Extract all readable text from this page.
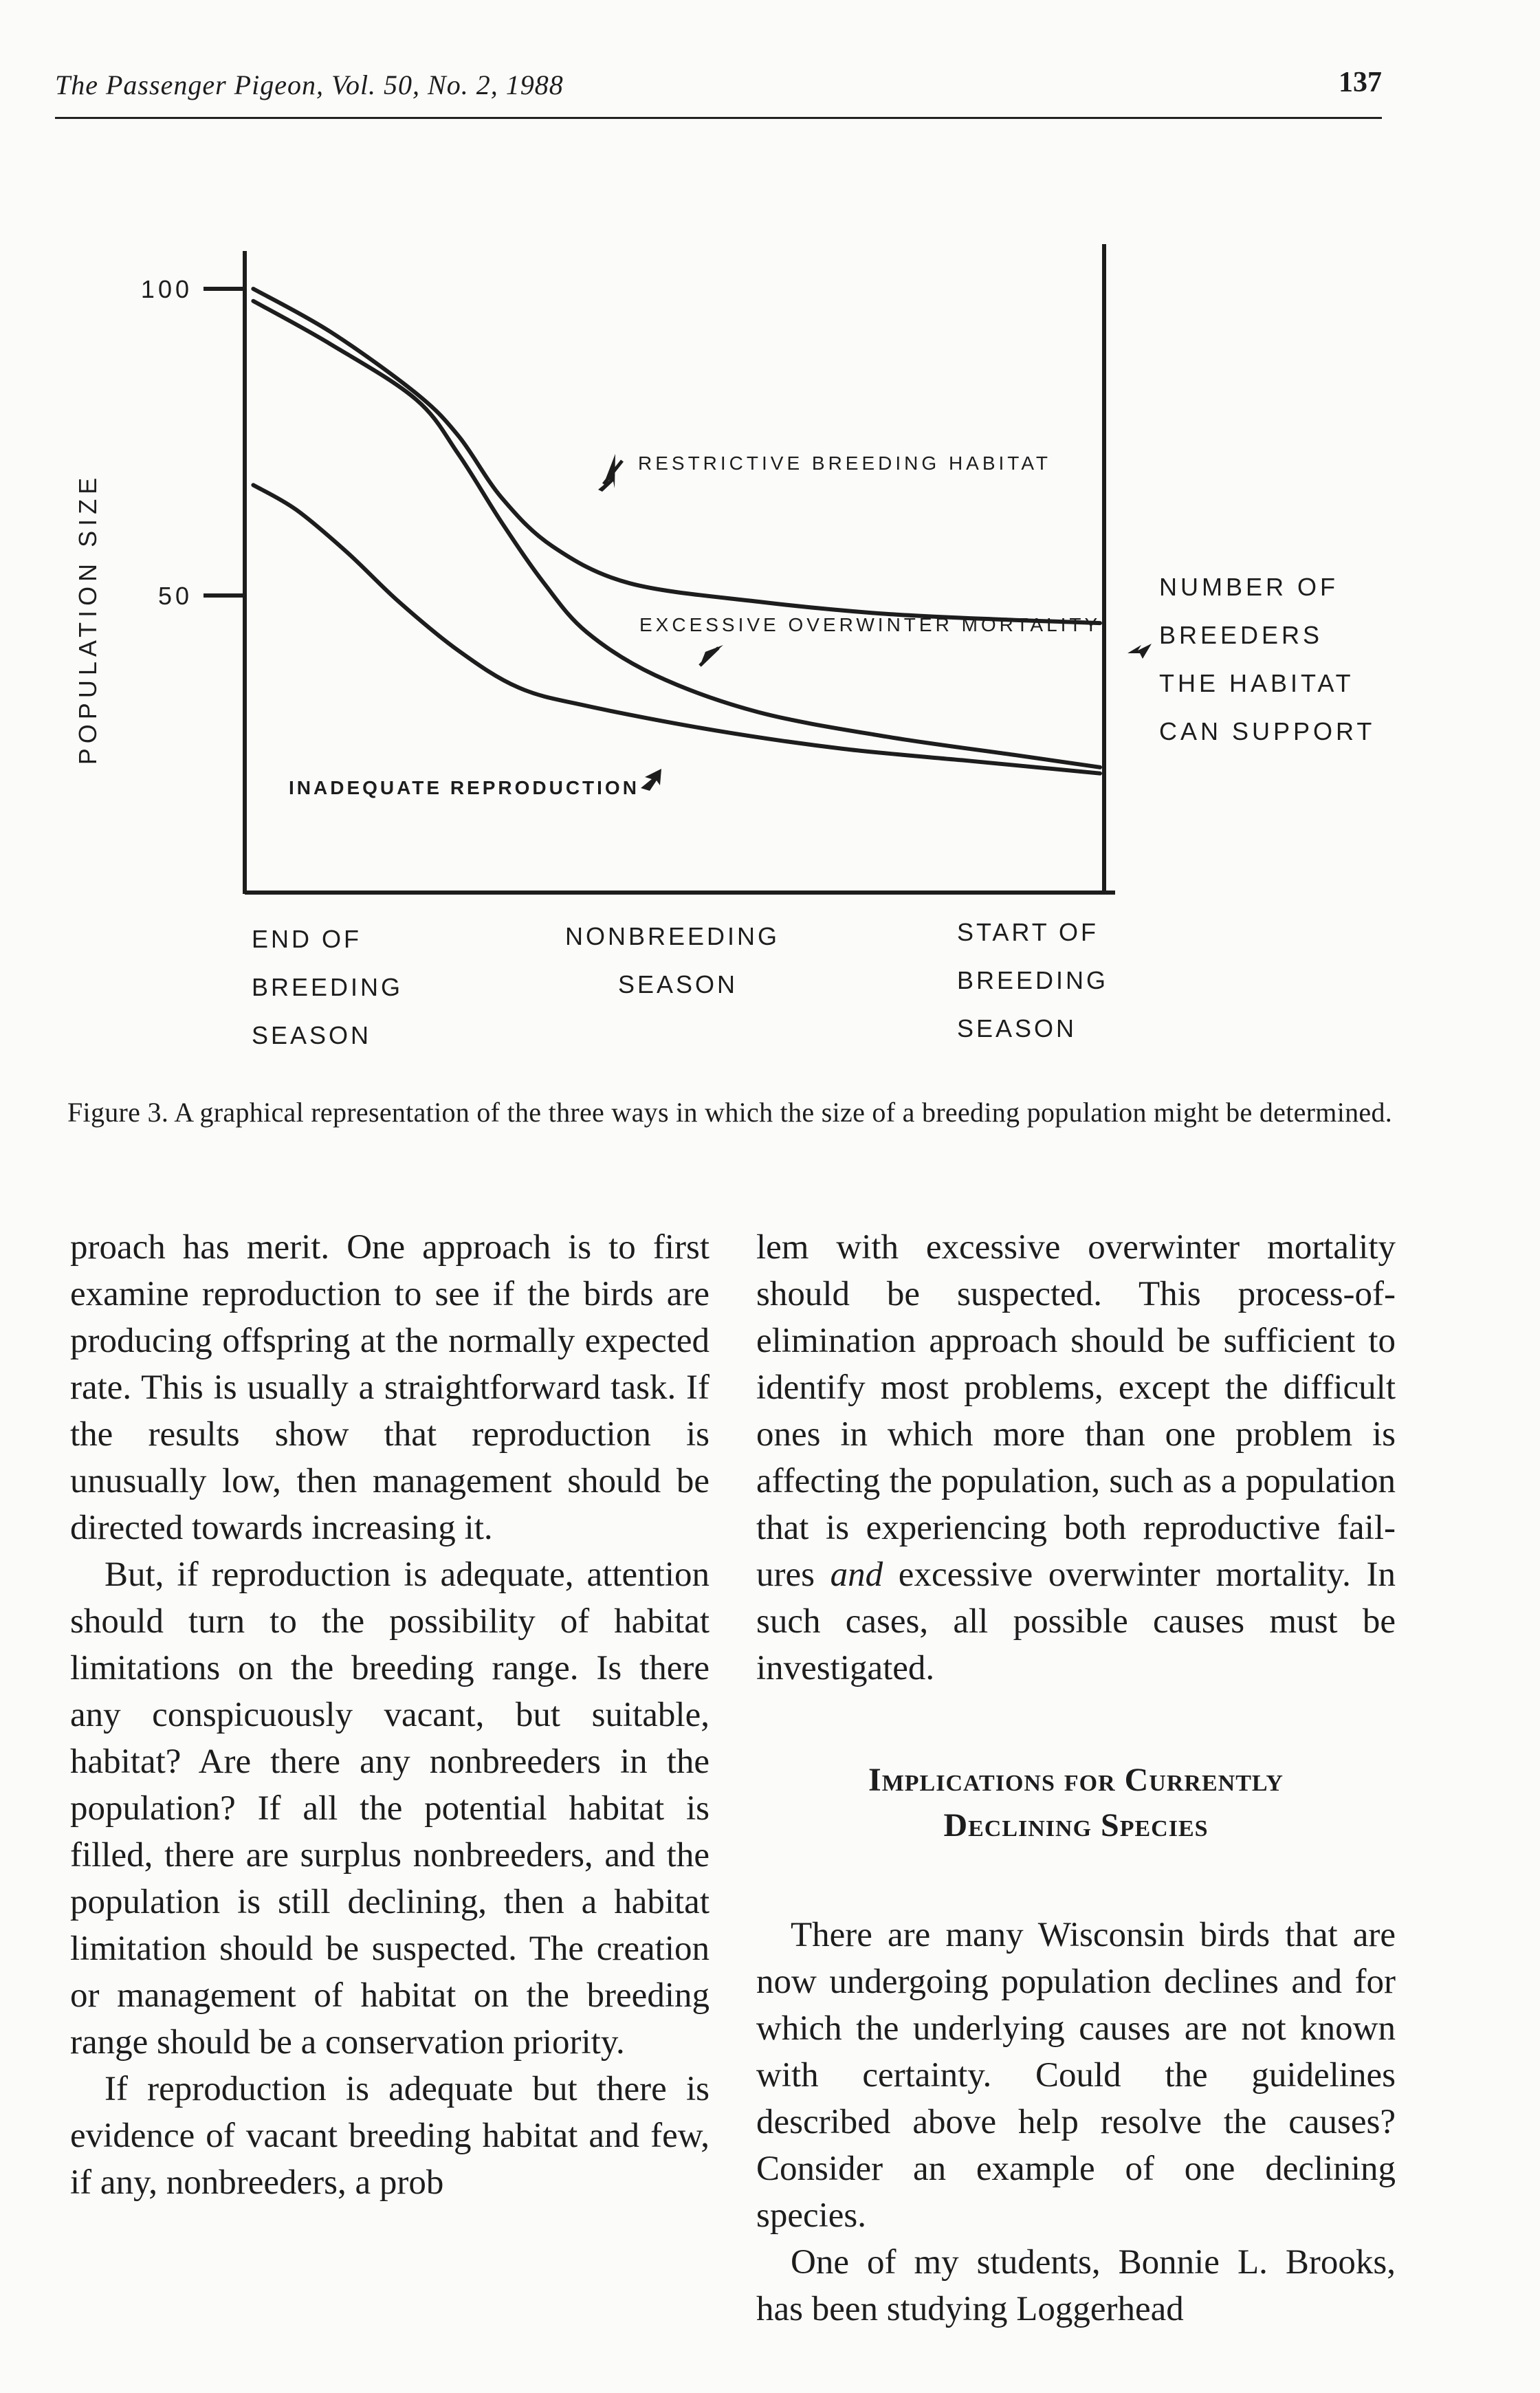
The Passenger Pigeon, Vol. 50, No. 2, 1988	137
100
50
POPULATION SIZE
RESTRICTIVE BREEDING HABITAT
EXCESSIVE OVERWINTER MORTALITY
INADEQUATE REPRODUCTION
NUMBER OF
BREEDERS
THE HABITAT
CAN SUPPORT
END OF
BREEDING
SEASON
NONBREEDING
SEASON
START OF
BREEDING
SEASON
Figure 3. A graphical representation of the three ways in which the size of a breeding population might be determined.

proach has merit. One approach is to first examine reproduction to see if the birds are producing offspring at the normally expected rate. This is usually a straightforward task. If the results show that reproduction is unusually low, then management should be directed towards increasing it.

But, if reproduction is adequate, attention should turn to the possibility of habitat limitations on the breeding range. Is there any conspicuously vacant, but suitable, habitat? Are there any nonbreeders in the population? If all the potential habitat is filled, there are surplus nonbreeders, and the population is still declining, then a habitat limitation should be suspected. The creation or management of habitat on the breeding range should be a conservation priority.

If reproduction is adequate but there is evidence of vacant breeding habitat and few, if any, nonbreeders, a prob

lem with excessive overwinter mortality should be suspected. This process-of-elimination approach should be sufficient to identify most problems, except the difficult ones in which more than one problem is affecting the population, such as a population that is experiencing both reproductive failures and excessive overwinter mortality. In such cases, all possible causes must be investigated.

Implications for Currently
Declining Species

There are many Wisconsin birds that are now undergoing population declines and for which the underlying causes are not known with certainty. Could the guidelines described above help resolve the causes? Consider an example of one declining species.

One of my students, Bonnie L. Brooks, has been studying Loggerhead
